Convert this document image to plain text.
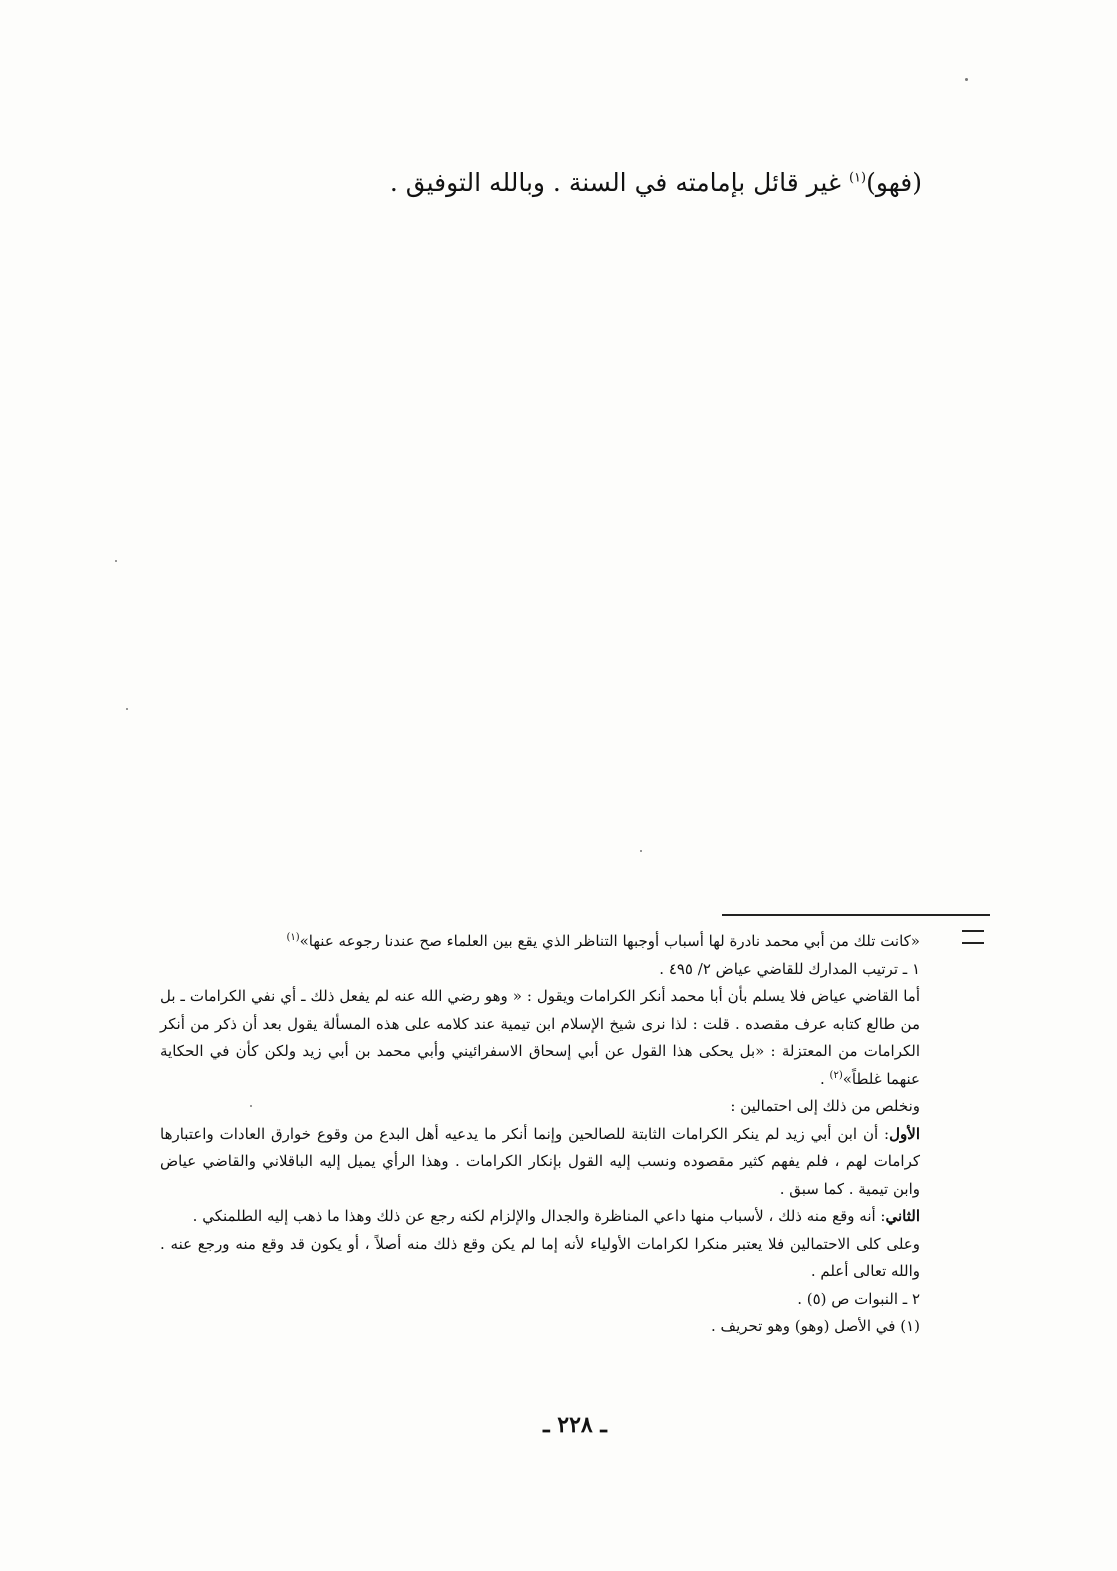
(فهو)$^{(١)}$ غير قائل بإمامته في السنة . وبالله التوفيق .

«كانت تلك من أبي محمد نادرة لها أسباب أوجبها التناظر الذي يقع بين العلماء صح عندنا رجوعه عنها»$^{(١)}$

١ ـ ترتيب المدارك للقاضي عياض ٢/ ٤٩٥ .

أما القاضي عياض فلا يسلم بأن أبا محمد أنكر الكرامات ويقول : « وهو رضي الله عنه لم يفعل ذلك ـ أي نفي الكرامات ـ بل من طالع كتابه عرف مقصده . قلت : لذا نرى شيخ الإسلام ابن تيمية عند كلامه على هذه المسألة يقول بعد أن ذكر من أنكر الكرامات من المعتزلة : «بل يحكى هذا القول عن أبي إسحاق الاسفرائيني وأبي محمد بن أبي زيد ولكن كأن في الحكاية عنهما غلطاً»$^{(٢)}$ .

ونخلص من ذلك إلى احتمالين :

الأول: أن ابن أبي زيد لم ينكر الكرامات الثابتة للصالحين وإنما أنكر ما يدعيه أهل البدع من وقوع خوارق العادات واعتبارها كرامات لهم ، فلم يفهم كثير مقصوده ونسب إليه القول بإنكار الكرامات . وهذا الرأي يميل إليه الباقلاني والقاضي عياض وابن تيمية . كما سبق .

الثاني: أنه وقع منه ذلك ، لأسباب منها داعي المناظرة والجدال والإلزام لكنه رجع عن ذلك وهذا ما ذهب إليه الطلمنكي .

وعلى كلى الاحتمالين فلا يعتبر منكرا لكرامات الأولياء لأنه إما لم يكن وقع ذلك منه أصلاً ، أو يكون قد وقع منه ورجع عنه . والله تعالى أعلم .

٢ ـ النبوات ص (٥) .

(١) في الأصل (وهو) وهو تحريف .

ـ ٢٢٨ ـ
